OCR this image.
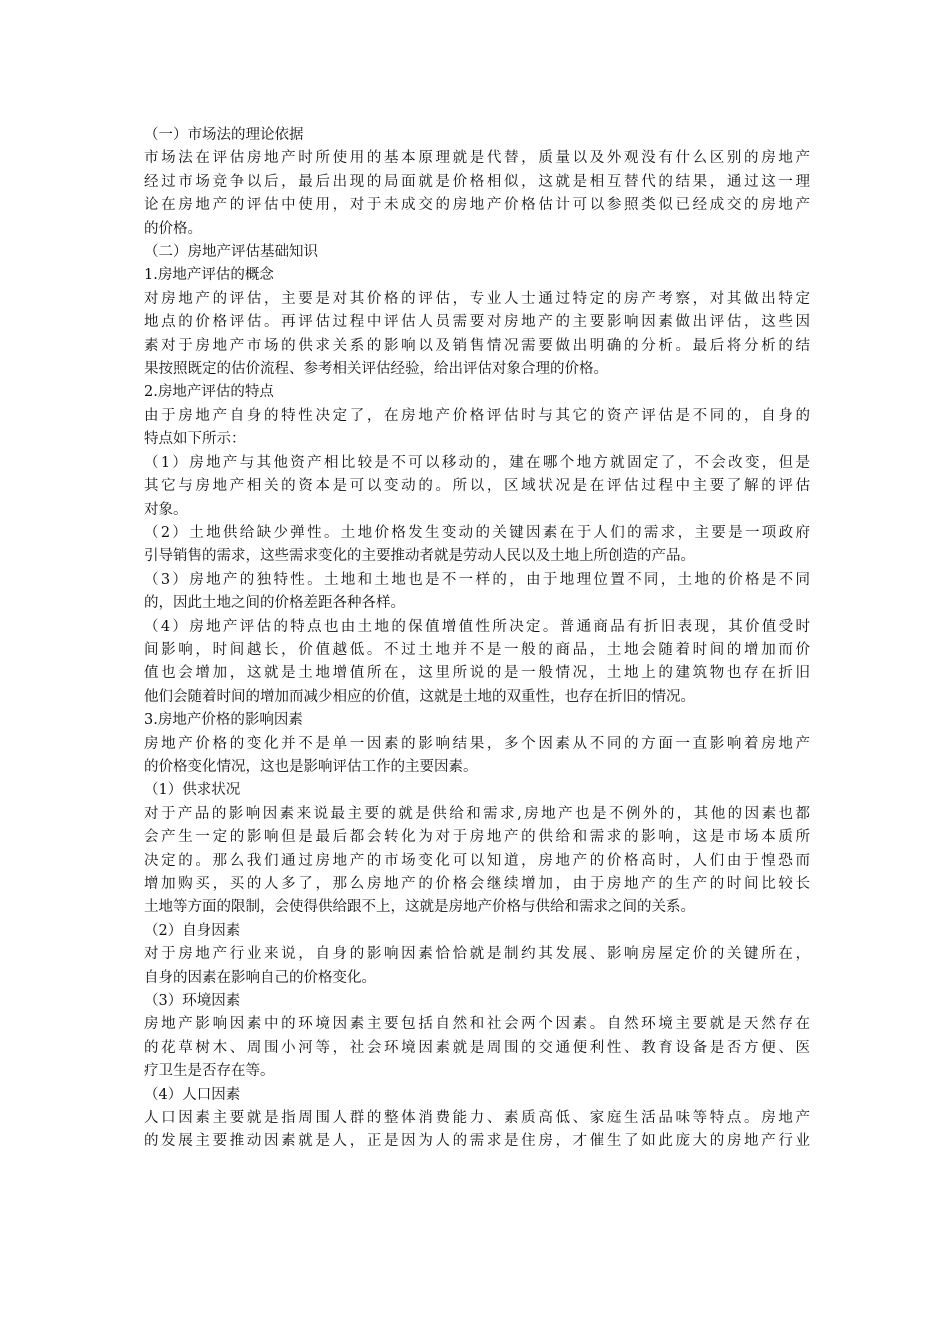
（一）市场法的理论依据
市场法在评估房地产时所使用的基本原理就是代替，质量以及外观没有什么区别的房地产
经过市场竞争以后，最后出现的局面就是价格相似，这就是相互替代的结果，通过这一理
论在房地产的评估中使用，对于未成交的房地产价格估计可以参照类似已经成交的房地产
的价格。
（二）房地产评估基础知识
1.房地产评估的概念
对房地产的评估，主要是对其价格的评估，专业人士通过特定的房产考察，对其做出特定
地点的价格评估。再评估过程中评估人员需要对房地产的主要影响因素做出评估，这些因
素对于房地产市场的供求关系的影响以及销售情况需要做出明确的分析。最后将分析的结
果按照既定的估价流程、参考相关评估经验，给出评估对象合理的价格。
2.房地产评估的特点
由于房地产自身的特性决定了，在房地产价格评估时与其它的资产评估是不同的，自身的
特点如下所示：
（1）房地产与其他资产相比较是不可以移动的，建在哪个地方就固定了，不会改变，但是
其它与房地产相关的资本是可以变动的。所以，区域状况是在评估过程中主要了解的评估
对象。
（2）土地供给缺少弹性。土地价格发生变动的关键因素在于人们的需求，主要是一项政府
引导销售的需求，这些需求变化的主要推动者就是劳动人民以及土地上所创造的产品。
（3）房地产的独特性。土地和土地也是不一样的，由于地理位置不同，土地的价格是不同
的，因此土地之间的价格差距各种各样。
（4）房地产评估的特点也由土地的保值增值性所决定。普通商品有折旧表现，其价值受时
间影响，时间越长，价值越低。不过土地并不是一般的商品，土地会随着时间的增加而价
值也会增加，这就是土地增值所在，这里所说的是一般情况，土地上的建筑物也存在折旧
他们会随着时间的增加而减少相应的价值，这就是土地的双重性，也存在折旧的情况。
3.房地产价格的影响因素
房地产价格的变化并不是单一因素的影响结果，多个因素从不同的方面一直影响着房地产
的价格变化情况，这也是影响评估工作的主要因素。
（1）供求状况
对于产品的影响因素来说最主要的就是供给和需求,房地产也是不例外的，其他的因素也都
会产生一定的影响但是最后都会转化为对于房地产的供给和需求的影响，这是市场本质所
决定的。那么我们通过房地产的市场变化可以知道，房地产的价格高时，人们由于惶恐而
增加购买，买的人多了，那么房地产的价格会继续增加，由于房地产的生产的时间比较长
土地等方面的限制，会使得供给跟不上，这就是房地产价格与供给和需求之间的关系。
（2）自身因素
对于房地产行业来说，自身的影响因素恰恰就是制约其发展、影响房屋定价的关键所在，
自身的因素在影响自己的价格变化。
（3）环境因素
房地产影响因素中的环境因素主要包括自然和社会两个因素。自然环境主要就是天然存在
的花草树木、周围小河等，社会环境因素就是周围的交通便利性、教育设备是否方便、医
疗卫生是否存在等。
（4）人口因素
人口因素主要就是指周围人群的整体消费能力、素质高低、家庭生活品味等特点。房地产
的发展主要推动因素就是人，正是因为人的需求是住房，才催生了如此庞大的房地产行业
